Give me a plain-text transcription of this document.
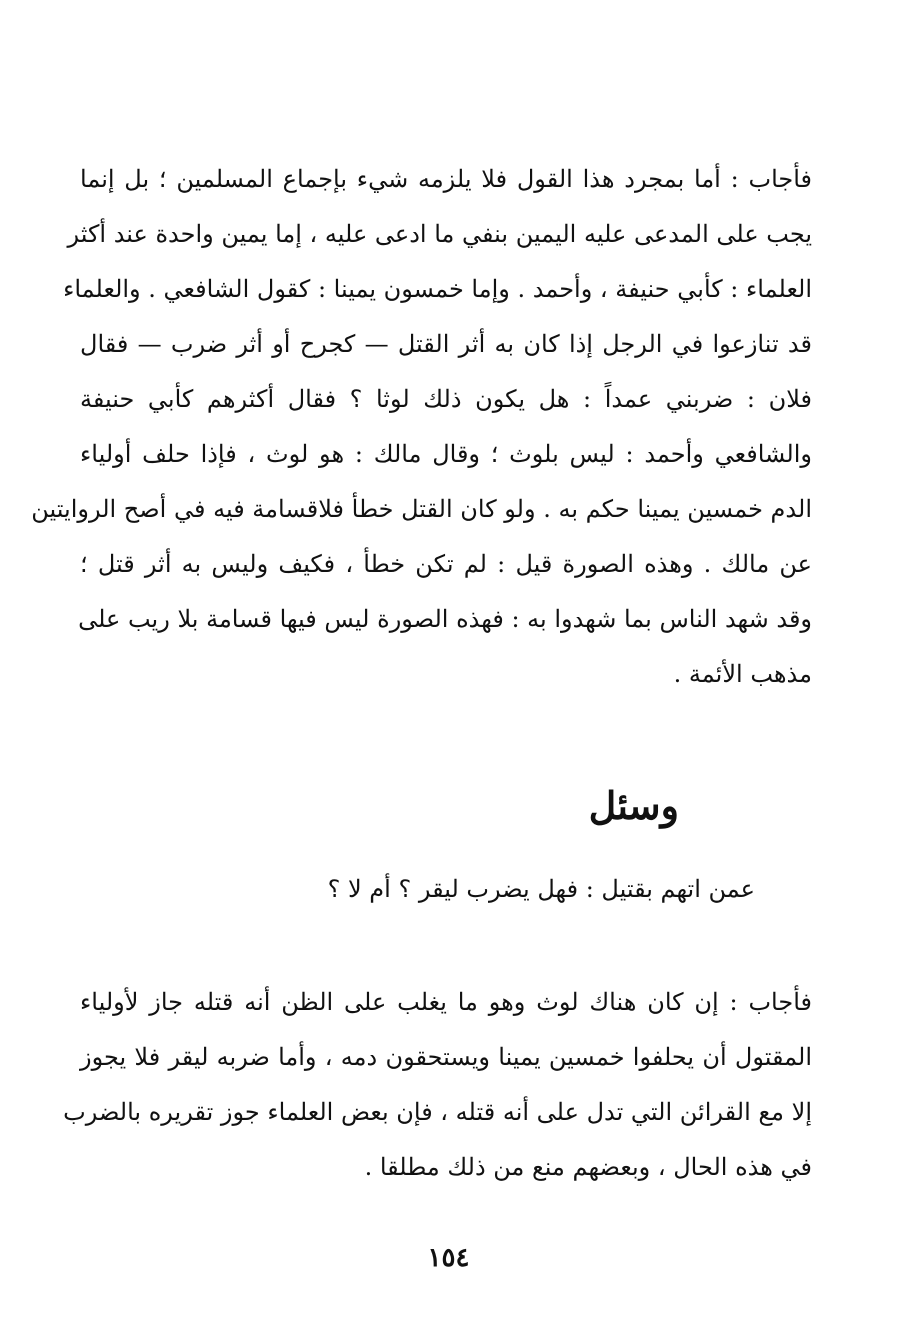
فأجاب : أما بمجرد هذا القول فلا يلزمه شيء بإجماع المسلمين ؛ بل إنما
يجب على المدعى عليه اليمين بنفي ما ادعى عليه ، إما يمين واحدة عند أكثر
العلماء : كأبي حنيفة ، وأحمد . وإما خمسون يمينا : كقول الشافعي . والعلماء
قد تنازعوا في الرجل إذا كان به أثر القتل — كجرح أو أثر ضرب — فقال
فلان : ضربني عمداً : هل يكون ذلك لوثا ؟ فقال أكثرهم كأبي حنيفة
والشافعي وأحمد : ليس بلوث ؛ وقال مالك : هو لوث ، فإذا حلف أولياء
الدم خمسين يمينا حكم به . ولو كان القتل خطأ فلاقسامة فيه في أصح الروايتين
عن مالك . وهذه الصورة قيل : لم تكن خطأ ، فكيف وليس به أثر قتل ؛
وقد شهد الناس بما شهدوا به : فهذه الصورة ليس فيها قسامة بلا ريب على
مذهب الأئمة .
وسئل
عمن اتهم بقتيل : فهل يضرب ليقر ؟ أم لا ؟
فأجاب : إن كان هناك لوث وهو ما يغلب على الظن أنه قتله جاز لأولياء
المقتول أن يحلفوا خمسين يمينا ويستحقون دمه ، وأما ضربه ليقر فلا يجوز
إلا مع القرائن التي تدل على أنه قتله ، فإن بعض العلماء جوز تقريره بالضرب
في هذه الحال ، وبعضهم منع من ذلك مطلقا .
١٥٤
